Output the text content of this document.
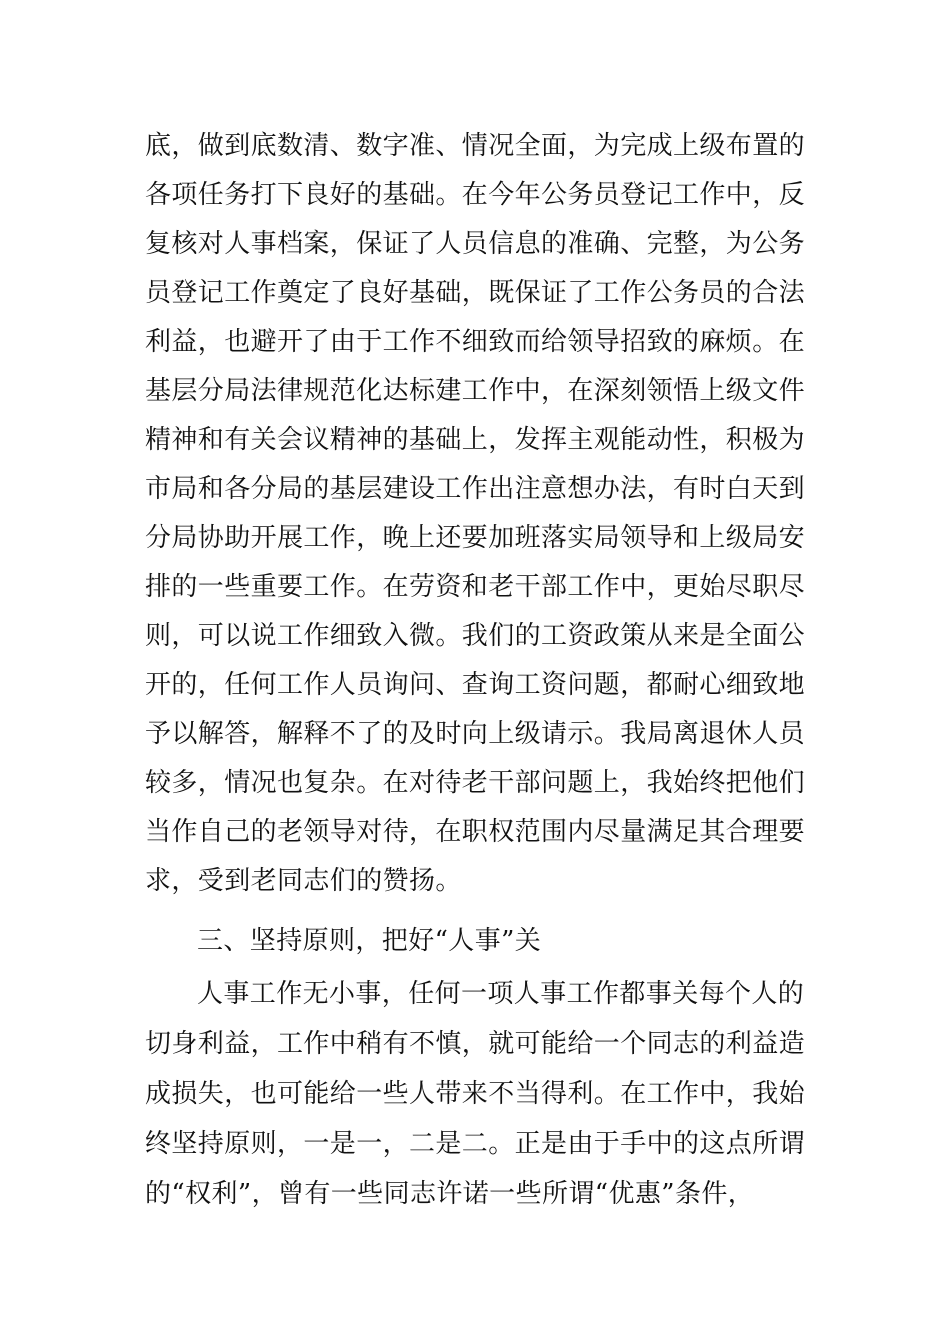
底，做到底数清、数字准、情况全面，为完成上级布置的
各项任务打下良好的基础。在今年公务员登记工作中，反
复核对人事档案，保证了人员信息的准确、完整，为公务
员登记工作奠定了良好基础，既保证了工作公务员的合法
利益，也避开了由于工作不细致而给领导招致的麻烦。在
基层分局法律规范化达标建工作中，在深刻领悟上级文件
精神和有关会议精神的基础上，发挥主观能动性，积极为
市局和各分局的基层建设工作出注意想办法，有时白天到
分局协助开展工作，晚上还要加班落实局领导和上级局安
排的一些重要工作。在劳资和老干部工作中，更始尽职尽
则，可以说工作细致入微。我们的工资政策从来是全面公
开的，任何工作人员询问、查询工资问题，都耐心细致地
予以解答，解释不了的及时向上级请示。我局离退休人员
较多，情况也复杂。在对待老干部问题上，我始终把他们
当作自己的老领导对待，在职权范围内尽量满足其合理要
求，受到老同志们的赞扬。
三、坚持原则，把好“人事”关
人事工作无小事，任何一项人事工作都事关每个人的
切身利益，工作中稍有不慎，就可能给一个同志的利益造
成损失，也可能给一些人带来不当得利。在工作中，我始
终坚持原则，一是一，二是二。正是由于手中的这点所谓
的“权利”，曾有一些同志许诺一些所谓“优惠”条件，
